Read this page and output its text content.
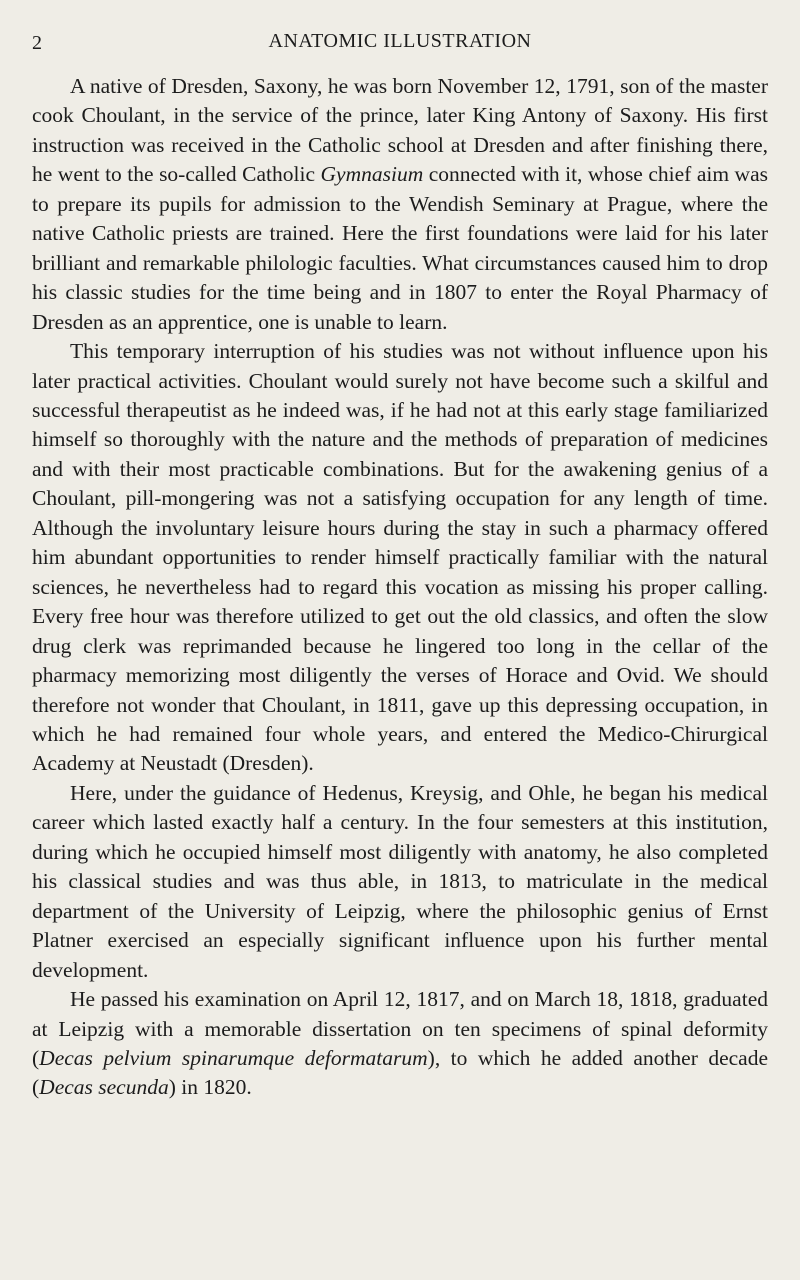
2	ANATOMIC ILLUSTRATION

A native of Dresden, Saxony, he was born November 12, 1791, son of the master cook Choulant, in the service of the prince, later King Antony of Saxony. His first instruction was received in the Catholic school at Dresden and after finishing there, he went to the so-called Catholic Gymnasium connected with it, whose chief aim was to prepare its pupils for admission to the Wendish Seminary at Prague, where the native Catholic priests are trained. Here the first foundations were laid for his later brilliant and remarkable philologic faculties. What circumstances caused him to drop his classic studies for the time being and in 1807 to enter the Royal Pharmacy of Dresden as an apprentice, one is unable to learn.

This temporary interruption of his studies was not without influence upon his later practical activities. Choulant would surely not have become such a skilful and successful therapeutist as he indeed was, if he had not at this early stage familiarized himself so thoroughly with the nature and the methods of preparation of medicines and with their most practicable combinations. But for the awakening genius of a Choulant, pill-mongering was not a satisfying occupation for any length of time. Although the involuntary leisure hours during the stay in such a pharmacy offered him abundant opportunities to render himself practically familiar with the natural sciences, he nevertheless had to regard this vocation as missing his proper calling. Every free hour was therefore utilized to get out the old classics, and often the slow drug clerk was reprimanded because he lingered too long in the cellar of the pharmacy memorizing most diligently the verses of Horace and Ovid. We should therefore not wonder that Choulant, in 1811, gave up this depressing occupation, in which he had remained four whole years, and entered the Medico-Chirurgical Academy at Neustadt (Dresden).

Here, under the guidance of Hedenus, Kreysig, and Ohle, he began his medical career which lasted exactly half a century. In the four semesters at this institution, during which he occupied himself most diligently with anatomy, he also completed his classical studies and was thus able, in 1813, to matriculate in the medical department of the University of Leipzig, where the philosophic genius of Ernst Platner exercised an especially significant influence upon his further mental development.

He passed his examination on April 12, 1817, and on March 18, 1818, graduated at Leipzig with a memorable dissertation on ten specimens of spinal deformity (Decas pelvium spinarumque deformatarum), to which he added another decade (Decas secunda) in 1820.
